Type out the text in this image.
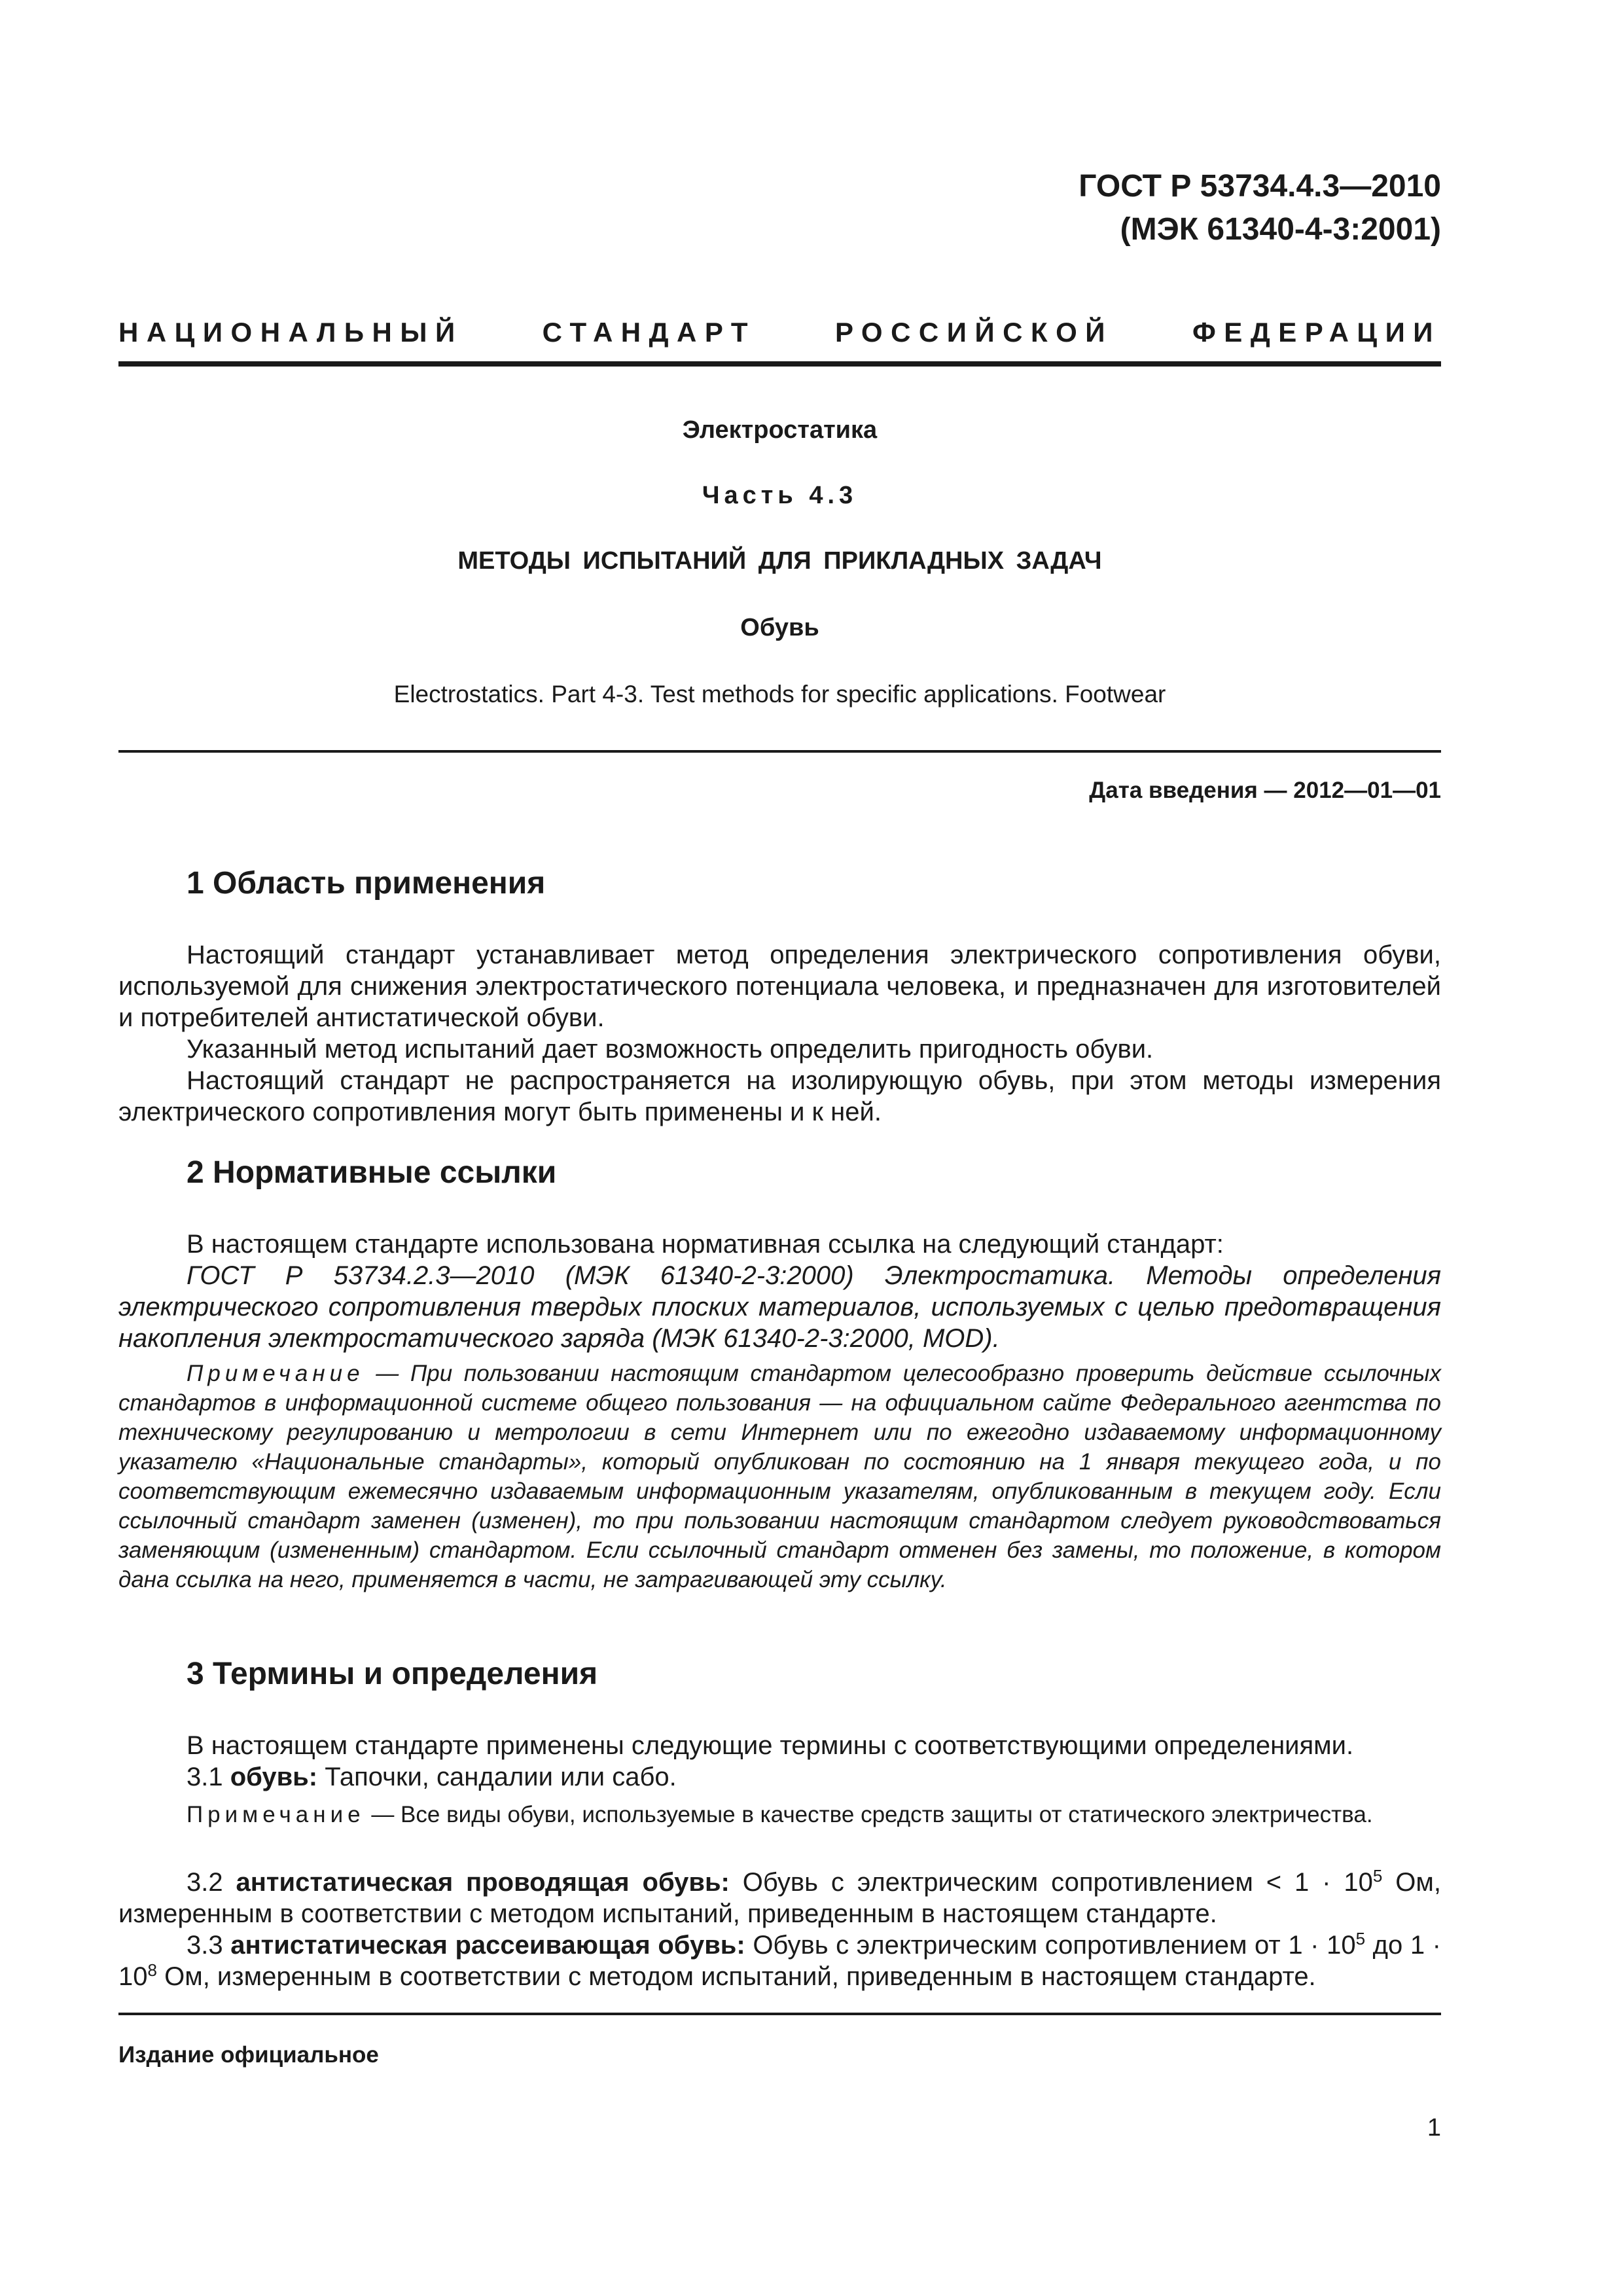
ГОСТ Р 53734.4.3—2010
(МЭК 61340-4-3:2001)
НАЦИОНАЛЬНЫЙ	СТАНДАРТ	РОССИЙСКОЙ	ФЕДЕРАЦИИ
Электростатика
Часть 4.3
МЕТОДЫ ИСПЫТАНИЙ ДЛЯ ПРИКЛАДНЫХ ЗАДАЧ
Обувь
Electrostatics. Part 4-3. Test methods for specific applications. Footwear
Дата введения — 2012—01—01
1 Область применения

Настоящий стандарт устанавливает метод определения электрического сопротивления обуви, используемой для снижения электростатического потенциала человека, и предназначен для изготовителей и потребителей антистатической обуви.

Указанный метод испытаний дает возможность определить пригодность обуви.

Настоящий стандарт не распространяется на изолирующую обувь, при этом методы измерения электрического сопротивления могут быть применены и к ней.

2 Нормативные ссылки

В настоящем стандарте использована нормативная ссылка на следующий стандарт:

ГОСТ Р 53734.2.3—2010 (МЭК 61340-2-3:2000) Электростатика. Методы определения электрического сопротивления твердых плоских материалов, используемых с целью предотвращения накопления электростатического заряда (МЭК 61340-2-3:2000, MOD).

Примечание — При пользовании настоящим стандартом целесообразно проверить действие ссылочных стандартов в информационной системе общего пользования — на официальном сайте Федерального агентства по техническому регулированию и метрологии в сети Интернет или по ежегодно издаваемому информационному указателю «Национальные стандарты», который опубликован по состоянию на 1 января текущего года, и по соответствующим ежемесячно издаваемым информационным указателям, опубликованным в текущем году. Если ссылочный стандарт заменен (изменен), то при пользовании настоящим стандартом следует руководствоваться заменяющим (измененным) стандартом. Если ссылочный стандарт отменен без замены, то положение, в котором дана ссылка на него, применяется в части, не затрагивающей эту ссылку.

3 Термины и определения

В настоящем стандарте применены следующие термины с соответствующими определениями.

3.1 обувь: Тапочки, сандалии или сабо.

Примечание — Все виды обуви, используемые в качестве средств защиты от статического электричества.

3.2 антистатическая проводящая обувь: Обувь с электрическим сопротивлением < $1 \cdot 10^5$ Ом, измеренным в соответствии с методом испытаний, приведенным в настоящем стандарте.

3.3 антистатическая рассеивающая обувь: Обувь с электрическим сопротивлением от $1 \cdot 10^5$ до $1 \cdot 10^8$ Ом, измеренным в соответствии с методом испытаний, приведенным в настоящем стандарте.

Издание официальное
1
